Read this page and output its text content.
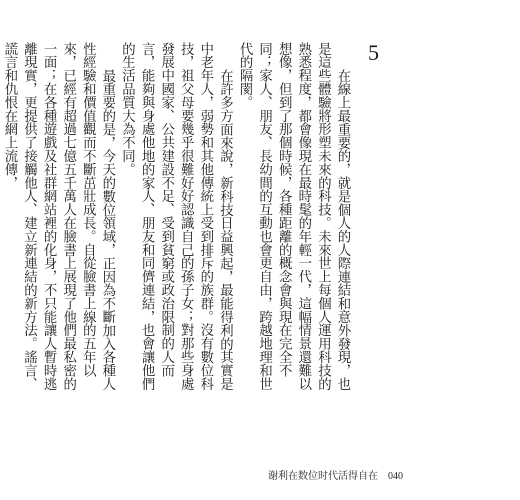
5

在線上最重要的，就是個人的人際連結和意外發現，也是這些體驗將形塑未來的科技。未來世上每個人運用科技的熟悉程度，都會像現在最時髦的年輕一代，這幅情景還難以想像，但到了那個時候，各種距離的概念會與現在完全不同；家人、朋友、長幼間的互動也會更自由，跨越地理和世代的隔閡。

在許多方面來說，新科技日益興起，最能得利的其實是中老年人，弱勢和其他傳統上受到排斥的族群。沒有數位科技，祖父母要幾乎很難好好認識自己的孫子女；對那些身處發展中國家、公共建設不足、受到貧窮或政治限制的人而言，能夠與身處他地的家人、朋友和同儕連結，也會讓他們的生活品質大為不同。

最重要的是，今天的數位領域，正因為不斷加入各種人性經驗和價值觀而不斷茁壯成長。自從臉書上線的五年以來，已經有超過七億五千萬人在臉書上展現了他們最私密的一面；在各種遊戲及社群網站裡的化身，不只能讓人暫時逃離現實，更提供了接觸他人、建立新連結的新方法。謠言、謊言和仇恨在網上流傳，

谢利在数位时代活得自在 040
